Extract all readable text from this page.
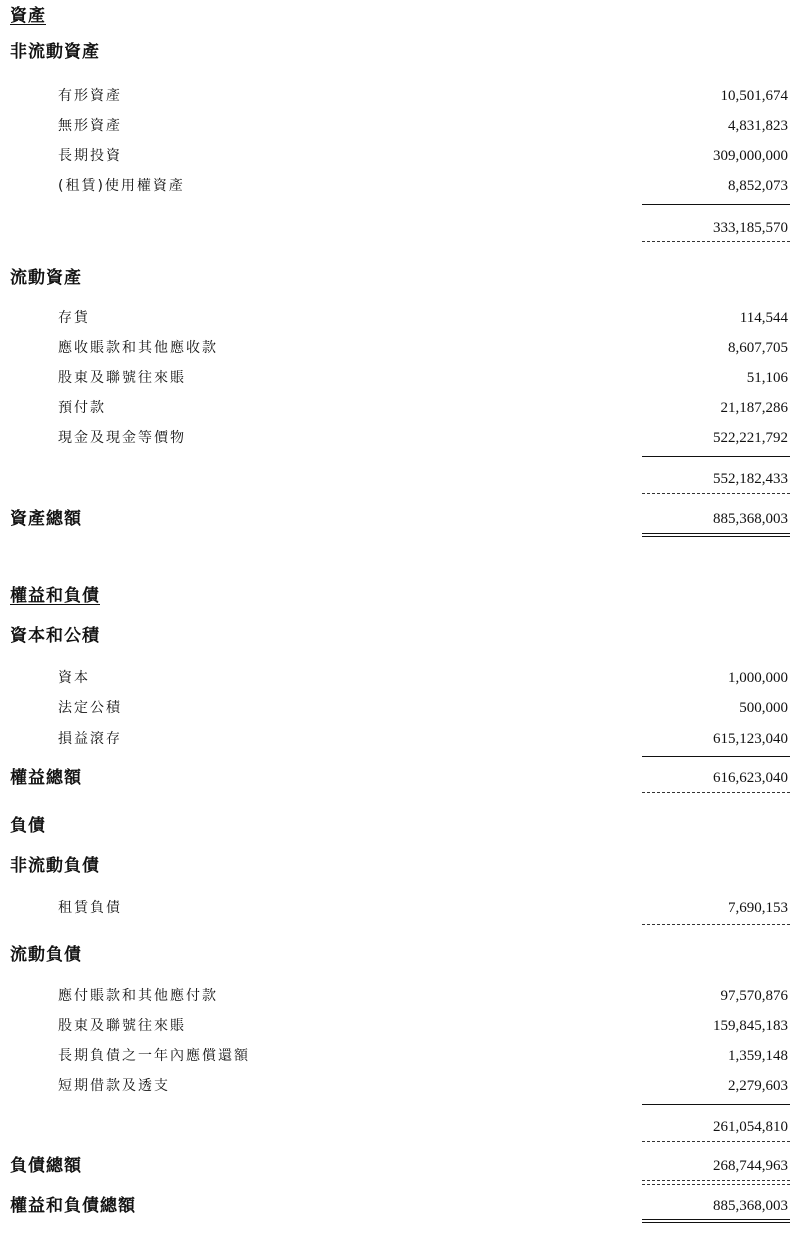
資產
非流動資產
有形資產	10,501,674
無形資產	4,831,823
長期投資	309,000,000
(租賃)使用權資產	8,852,073
333,185,570
流動資產
存貨	114,544
應收賬款和其他應收款	8,607,705
股東及聯號往來賬	51,106
預付款	21,187,286
現金及現金等價物	522,221,792
552,182,433
資產總額	885,368,003
權益和負債
資本和公積
資本	1,000,000
法定公積	500,000
損益滾存	615,123,040
權益總額	616,623,040
負債
非流動負債
租賃負債	7,690,153
流動負債
應付賬款和其他應付款	97,570,876
股東及聯號往來賬	159,845,183
長期負債之一年內應償還額	1,359,148
短期借款及透支	2,279,603
261,054,810
負債總額	268,744,963
權益和負債總額	885,368,003
